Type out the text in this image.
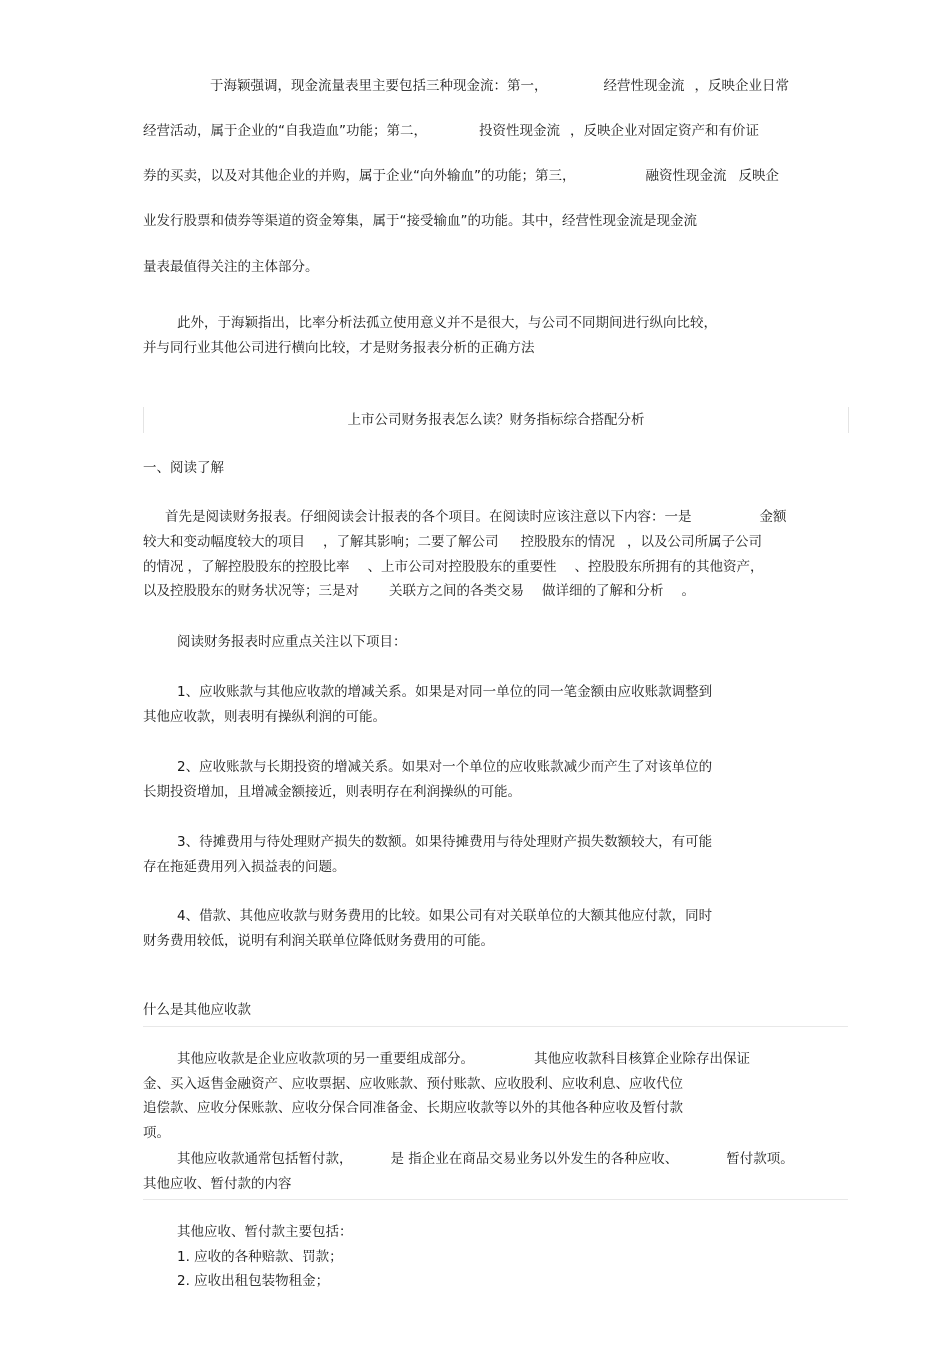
于海颖强调，现金流量表里主要包括三种现金流：第一，	经营性现金流 ，反映企业日常
经营活动，属于企业的“自我造血”功能；第二，	投资性现金流 ，反映企业对固定资产和有价证
券的买卖，以及对其他企业的并购，属于企业“向外输血”的功能；第三，	融资性现金流 反映企
业发行股票和债券等渠道的资金筹集，属于“接受输血”的功能。其中，经营性现金流是现金流
量表最值得关注的主体部分。
此外，于海颖指出，比率分析法孤立使用意义并不是很大，与公司不同期间进行纵向比较，
并与同行业其他公司进行横向比较，才是财务报表分析的正确方法
上市公司财务报表怎么读？财务指标综合搭配分析
一、阅读了解
首先是阅读财务报表。仔细阅读会计报表的各个项目。在阅读时应该注意以下内容：一是	金额
较大和变动幅度较大的项目 ，了解其影响；二要了解公司 控股股东的情况 ，以及公司所属子公司
的情况 ，了解控股股东的控股比率 、上市公司对控股股东的重要性 、控股股东所拥有的其他资产，
以及控股股东的财务状况等；三是对 关联方之间的各类交易 做详细的了解和分析 。
阅读财务报表时应重点关注以下项目：
1、应收账款与其他应收款的增减关系。如果是对同一单位的同一笔金额由应收账款调整到
其他应收款，则表明有操纵利润的可能。
2、应收账款与长期投资的增减关系。如果对一个单位的应收账款减少而产生了对该单位的
长期投资增加，且增减金额接近，则表明存在利润操纵的可能。
3、待摊费用与待处理财产损失的数额。如果待摊费用与待处理财产损失数额较大，有可能
存在拖延费用列入损益表的问题。
4、借款、其他应收款与财务费用的比较。如果公司有对关联单位的大额其他应付款，同时
财务费用较低，说明有利润关联单位降低财务费用的可能。
什么是其他应收款
其他应收款是企业应收款项的另一重要组成部分。	其他应收款科目核算企业除存出保证
金、买入返售金融资产、应收票据、应收账款、预付账款、应收股利、应收利息、应收代位
追偿款、应收分保账款、应收分保合同准备金、长期应收款等以外的其他各种应收及暂付款
项。
其他应收款通常包括暂付款，	是 指企业在商品交易业务以外发生的各种应收、	暂付款项。
其他应收、暂付款的内容
其他应收、暂付款主要包括：
1. 应收的各种赔款、罚款；
2. 应收出租包装物租金；
